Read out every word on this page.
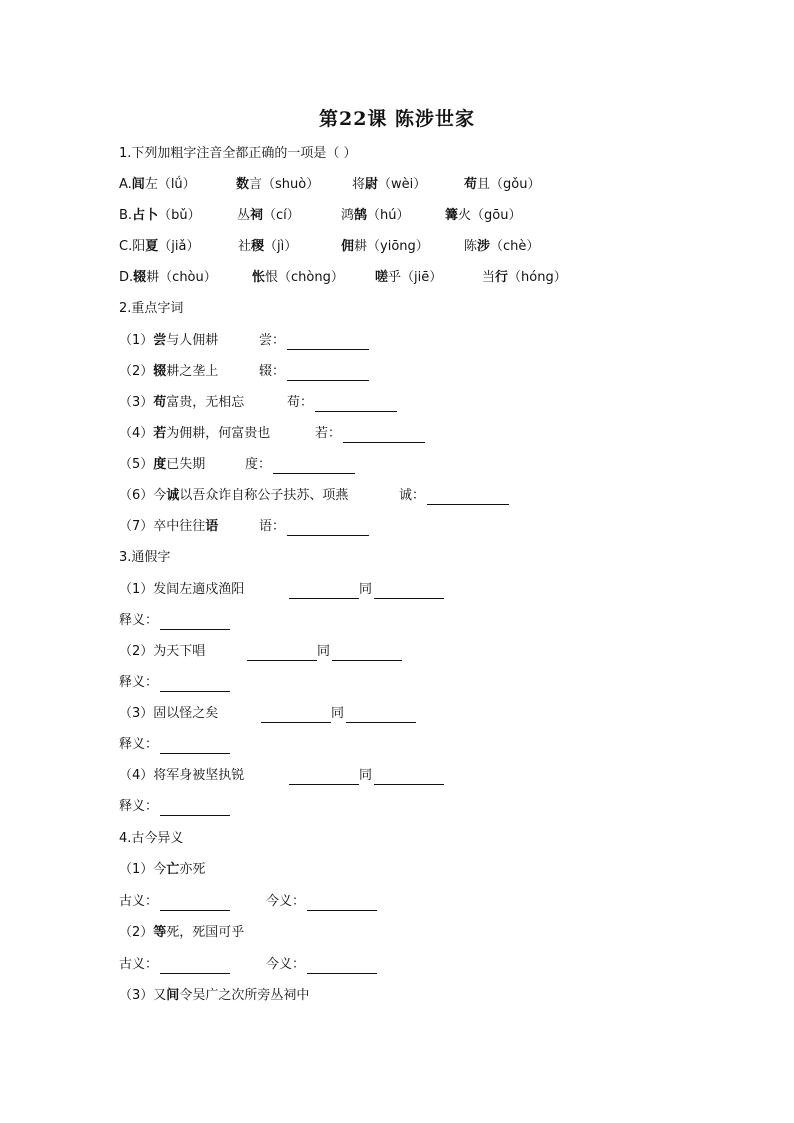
第22课 陈涉世家
1.下列加粗字注音全都正确的一项是（ ）
A.闾左（lǘ）	数言（shuò）	将尉（wèi）	苟且（gǒu）
B.占卜（bǔ）	丛祠（cí）	鸿鹄（hú）	篝火（gōu）
C.阳夏（jiǎ）	社稷（jì）	佣耕（yiōng）	陈涉（chè）
D.辍耕（chòu）	怅恨（chòng） 嗟乎（jiē）	当行（hóng）
2.重点字词
（1）尝与人佣耕	尝：
（2）辍耕之垄上	辍：
（3）苟富贵，无相忘	苟：
（4）若为佣耕，何富贵也	若：
（5）度已失期	度：
（6）今诚以吾众诈自称公子扶苏、项燕	诚：
（7）卒中往往语	语：
3.通假字
（1）发闾左適戍渔阳	同
释义：
（2）为天下唱	同
释义：
（3）固以怪之矣	同
释义：
（4）将军身被坚执锐	同
释义：
4.古今异义
（1）今亡亦死
古义：	今义：
（2）等死，死国可乎
古义：	今义：
（3）又间令吴广之次所旁丛祠中
